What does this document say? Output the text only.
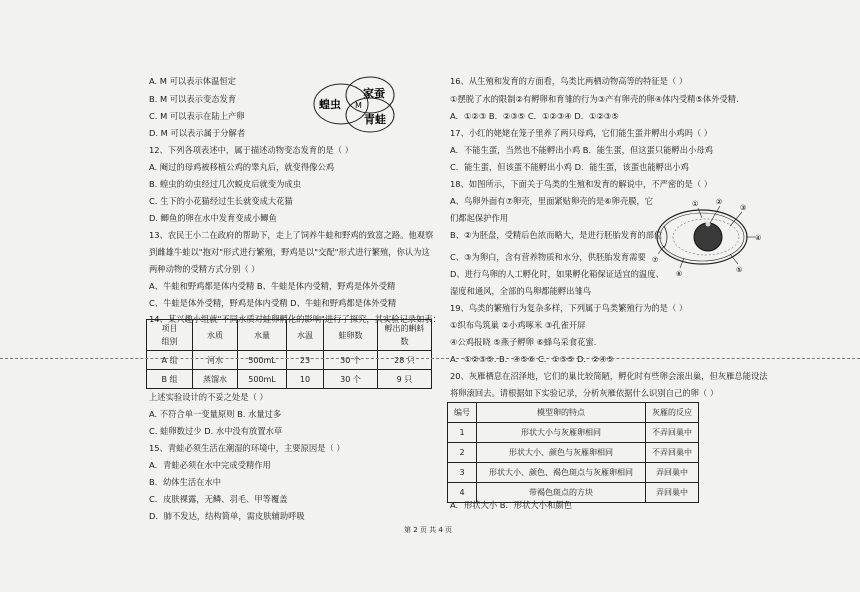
A. M 可以表示体温恒定
B. M 可以表示变态发育
C. M 可以表示在陆上产卵
D. M 可以表示属于分解者
12、下列各项表述中，属于描述动物变态发育的是（ ）
A. 阉过的母鸡被移植公鸡的睾丸后，就变得像公鸡
B. 蝗虫的幼虫经过几次蜕皮后就变为成虫
C. 生下的小花猫经过生长就变成大花猫
D. 鲫鱼的卵在水中发育变成小鲫鱼
13、农民王小二在政府的帮助下，走上了饲养牛蛙和野鸡的致富之路。他观察
到雌雄牛蛙以"抱对"形式进行繁殖，野鸡是以"交配"形式进行繁殖，你认为这
两种动物的受精方式分别（ ）
A、牛蛙和野鸡都是体内受精 B、牛蛙是体内受精，野鸡是体外受精
C、牛蛙是体外受精，野鸡是体内受精 D、牛蛙和野鸡都是体外受精
14、某兴趣小组就"不同水质对蛙卵孵化的影响"进行了探究，其实验记录如表：
蝗虫
家蚕
M
青蛙
项目
组别	水质	水量	水温	蛙卵数	孵出的蝌蚪
数
A 组	河水	500mL	23	30 个	28 只
B 组	蒸馏水	500mL	10	30 个	9 只
上述实验设计的不妥之处是（ ）
A. 不符合单一变量原则 B. 水量过多
C. 蛙卵数过少 D. 水中没有放置水草
15、青蛙必须生活在潮湿的环境中，主要原因是（ ）
A．青蛙必须在水中完成受精作用
B．幼体生活在水中
C．皮肤裸露，无鳞、羽毛、甲等覆盖
D．肺不发达，结构简单，需皮肤辅助呼吸
16、从生殖和发育的方面看，鸟类比两栖动物高等的特征是（ ）
①摆脱了水的限制②有孵卵和育雏的行为③产有卵壳的卵④体内受精⑤体外受精.
A．①②③ B．②③⑤ C．①②③④ D．①②③⑤
17、小红的姥姥在笼子里养了两只母鸡，它们能生蛋并孵出小鸡吗（ ）
A．不能生蛋，当然也不能孵出小鸡 B．能生蛋，但这蛋只能孵出小母鸡
C．能生蛋，但该蛋不能孵出小鸡 D．能生蛋，该蛋也能孵出小鸡
18、如图所示，下面关于鸟类的生殖和发育的解说中，不严密的是（ ）
A、鸟卵外面有⑦卵壳，里面紧贴卵壳的是⑥卵壳膜，它
们都起保护作用
B、②为胚盘，受精后色浓而略大，是进行胚胎发育的部位
C、③为卵白，含有营养物质和水分，供胚胎发育需要
D、进行鸟卵的人工孵化时，如果孵化箱保证适宜的温度、
湿度和通风，全部的鸟卵都能孵出雏鸟
19、鸟类的繁殖行为复杂多样，下列属于鸟类繁殖行为的是（ ）
①织布鸟筑巢 ②小鸡啄米 ③孔雀开屏
④公鸡报晓 ⑤燕子孵卵 ⑥蜂鸟采食花蜜.
A．①②③⑤. B．④⑤⑥ C．①③⑤ D．②④⑤
20、灰雁栖息在沼泽地，它们的巢比较简陋，孵化时有些卵会滚出巢，但灰雁总能设法
将卵滚回去。请根据如下实验记录，分析灰雁依据什么识别自己的卵（ ）
A．形状大小 B．形状大小和颜色
①	②
③
④
⑤
⑥
⑦
编号	模型卵的特点	灰雁的反应
1	形状大小与灰雁卵相同	不弄回巢中
2	形状大小、颜色与灰雁卵相同	不弄回巢中
3	形状大小、颜色、褐色斑点与灰雁卵相同	弄回巢中
4	带褐色斑点的方块	弄回巢中
第 2 页 共 4 页
